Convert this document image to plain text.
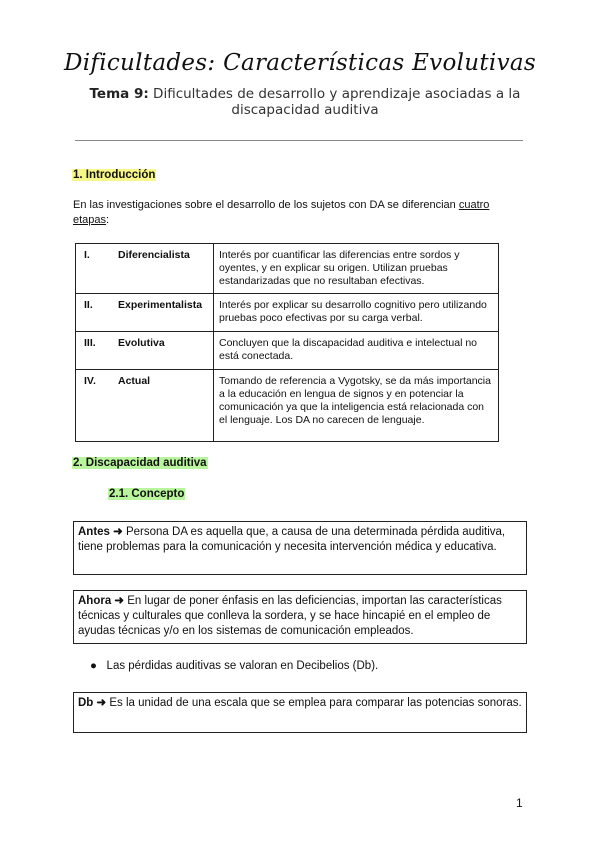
Dificultades: Características Evolutivas
Tema 9: Dificultades de desarrollo y aprendizaje asociadas a la discapacidad auditiva
1. Introducción
En las investigaciones sobre el desarrollo de los sujetos con DA se diferencian cuatro etapas:
I.	Diferencialista	Interés por cuantificar las diferencias entre sordos y oyentes, y en explicar su origen. Utilizan pruebas estandarizadas que no resultaban efectivas.
II.	Experimentalista	Interés por explicar su desarrollo cognitivo pero utilizando pruebas poco efectivas por su carga verbal.
III.	Evolutiva	Concluyen que la discapacidad auditiva e intelectual no está conectada.
IV.	Actual	Tomando de referencia a Vygotsky, se da más importancia a la educación en lengua de signos y en potenciar la comunicación ya que la inteligencia está relacionada con el lenguaje. Los DA no carecen de lenguaje.
2. Discapacidad auditiva
2.1. Concepto
Antes ➜ Persona DA es aquella que, a causa de una determinada pérdida auditiva, tiene problemas para la comunicación y necesita intervención médica y educativa.
Ahora ➜ En lugar de poner énfasis en las deficiencias, importan las características técnicas y culturales que conlleva la sordera, y se hace hincapié en el empleo de ayudas técnicas y/o en los sistemas de comunicación empleados.
● Las pérdidas auditivas se valoran en Decibelios (Db).
Db ➜ Es la unidad de una escala que se emplea para comparar las potencias sonoras.
1
